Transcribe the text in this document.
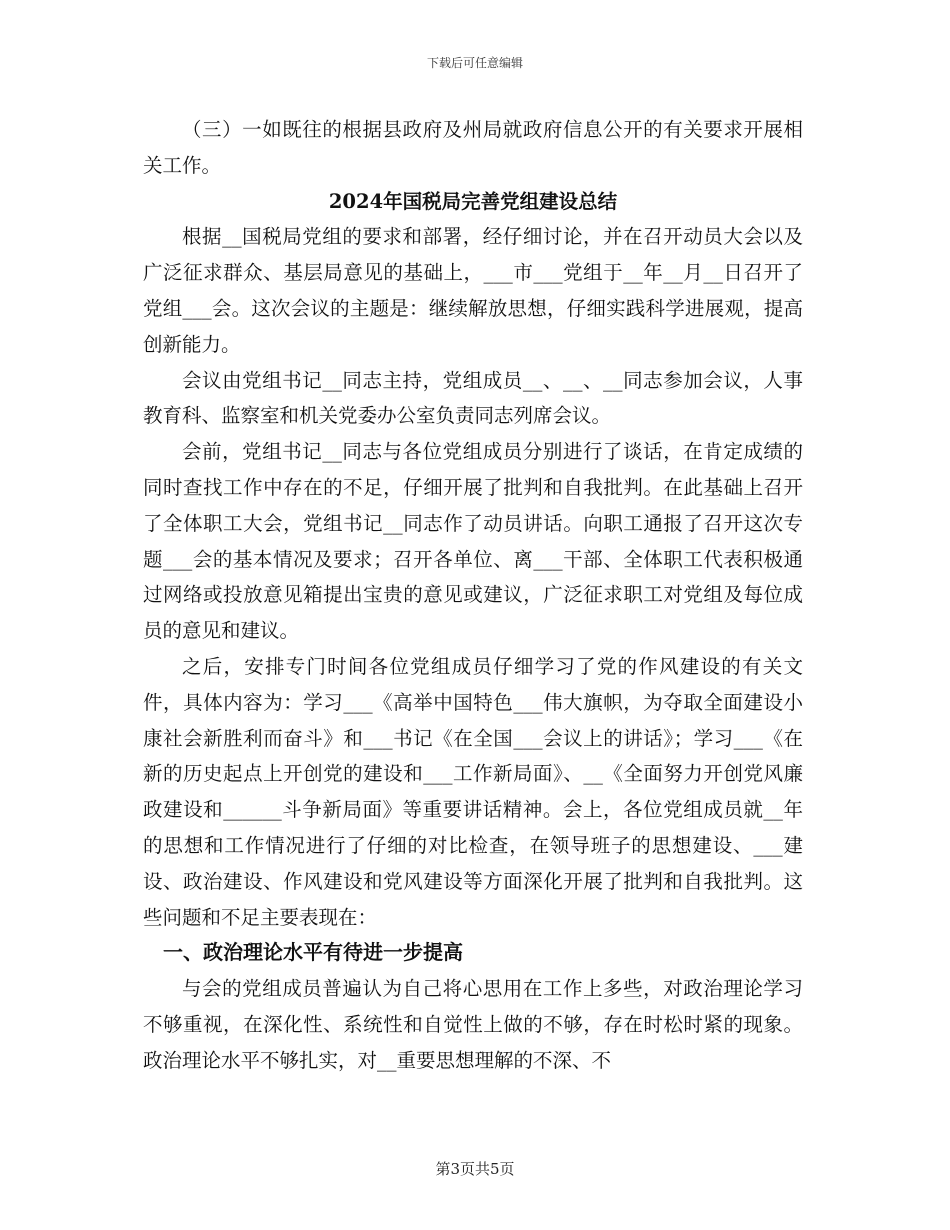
下载后可任意编辑

（三）一如既往的根据县政府及州局就政府信息公开的有关要求开展相关工作。

2024年国税局完善党组建设总结

根据__国税局党组的要求和部署，经仔细讨论，并在召开动员大会以及广泛征求群众、基层局意见的基础上，___市___党组于__年__月__日召开了党组___会。这次会议的主题是：继续解放思想，仔细实践科学进展观，提高创新能力。

会议由党组书记__同志主持，党组成员__、__、__同志参加会议，人事教育科、监察室和机关党委办公室负责同志列席会议。

会前，党组书记__同志与各位党组成员分别进行了谈话，在肯定成绩的同时查找工作中存在的不足，仔细开展了批判和自我批判。在此基础上召开了全体职工大会，党组书记__同志作了动员讲话。向职工通报了召开这次专题___会的基本情况及要求；召开各单位、离___干部、全体职工代表积极通过网络或投放意见箱提出宝贵的意见或建议，广泛征求职工对党组及每位成员的意见和建议。

之后，安排专门时间各位党组成员仔细学习了党的作风建设的有关文件，具体内容为：学习___《高举中国特色___伟大旗帜，为夺取全面建设小康社会新胜利而奋斗》和___书记《在全国___会议上的讲话》；学习___《在新的历史起点上开创党的建设和___工作新局面》、__《全面努力开创党风廉政建设和______斗争新局面》等重要讲话精神。会上，各位党组成员就__年的思想和工作情况进行了仔细的对比检查，在领导班子的思想建设、___建设、政治建设、作风建设和党风建设等方面深化开展了批判和自我批判。这些问题和不足主要表现在：

一、政治理论水平有待进一步提高

与会的党组成员普遍认为自己将心思用在工作上多些，对政治理论学习不够重视，在深化性、系统性和自觉性上做的不够，存在时松时紧的现象。政治理论水平不够扎实，对__重要思想理解的不深、不

第3页共5页
